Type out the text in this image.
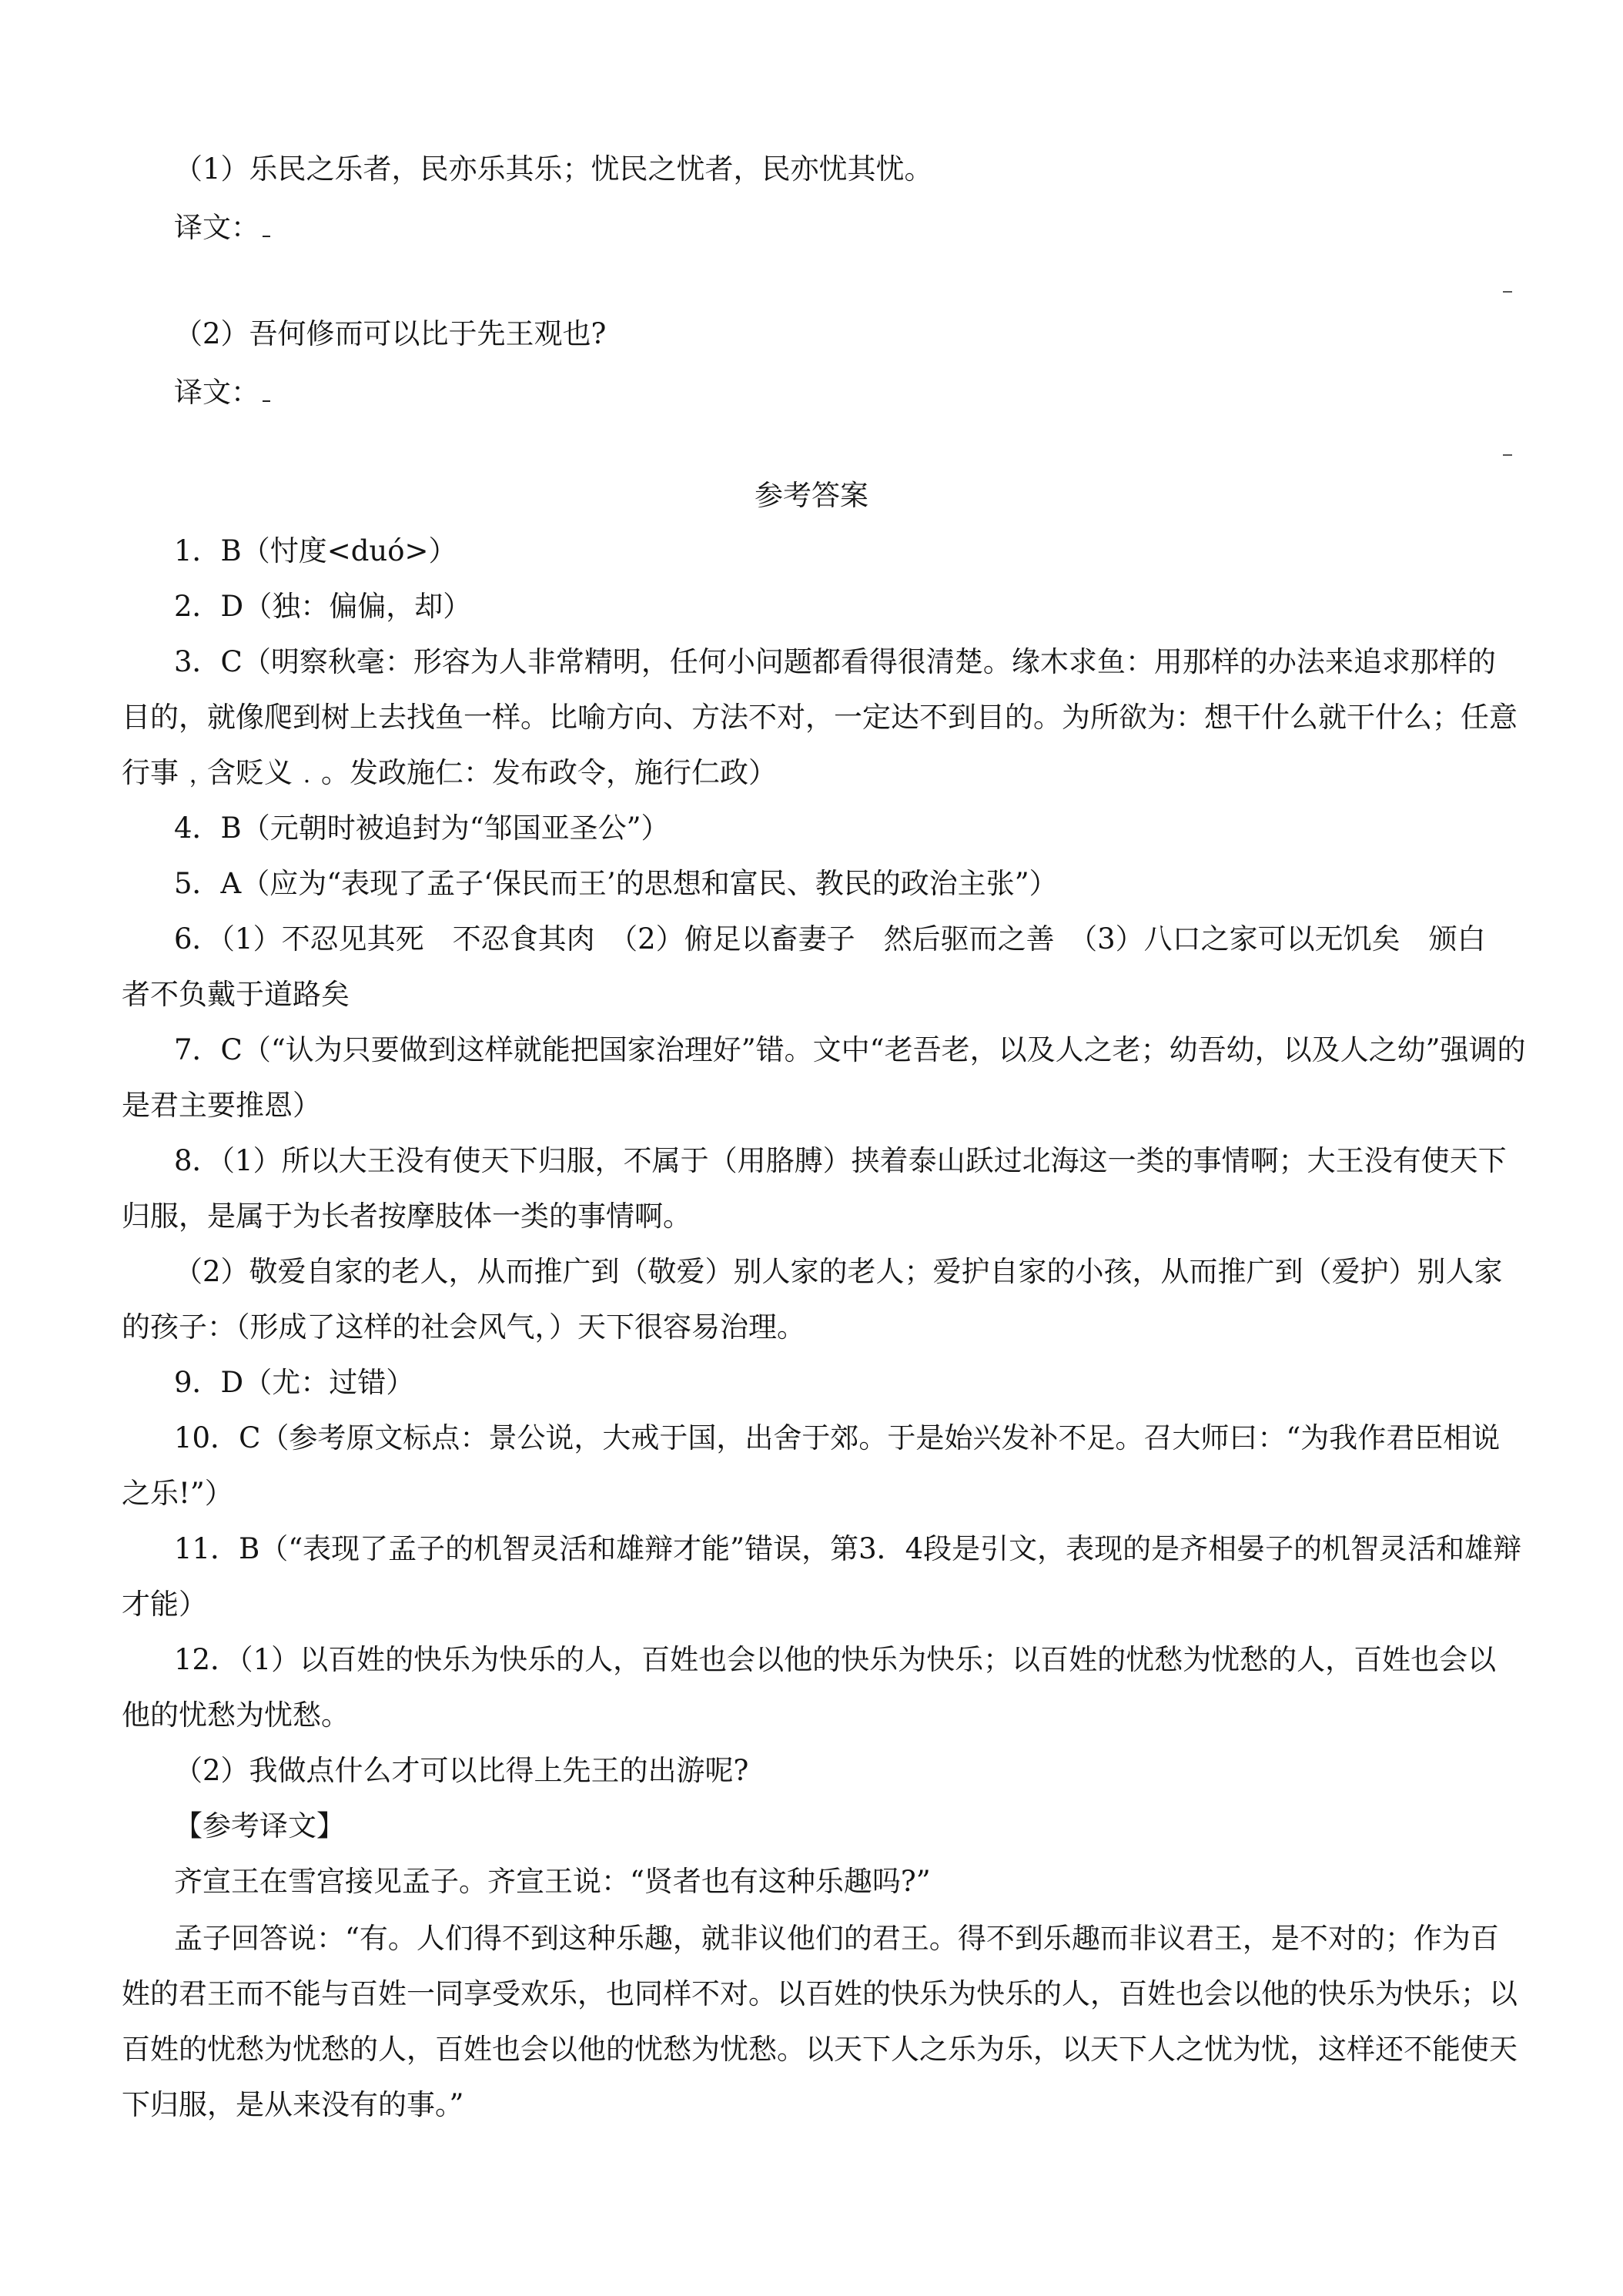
（1）乐民之乐者，民亦乐其乐；忧民之忧者，民亦忧其忧。
译文：
（2）吾何修而可以比于先王观也?
译文：
参考答案
1．B（忖度<duó>）
2．D（独：偏偏，却）
3．C（明察秋毫：形容为人非常精明，任何小问题都看得很清楚。缘木求鱼：用那样的办法来追求那样的
目的，就像爬到树上去找鱼一样。比喻方向、方法不对，一定达不到目的。为所欲为：想干什么就干什么；任意
行事﹐含贬义﹒。发政施仁：发布政令，施行仁政）
4．B（元朝时被追封为“邹国亚圣公”）
5．A（应为“表现了孟子‘保民而王’的思想和富民、教民的政治主张”）
6．（1）不忍见其死　不忍食其肉　（2）俯足以畜妻子　然后驱而之善　（3）八口之家可以无饥矣　颁白
者不负戴于道路矣
7．C（“认为只要做到这样就能把国家治理好”错。文中“老吾老，以及人之老；幼吾幼，以及人之幼”强调的
是君主要推恩）
8．（1）所以大王没有使天下归服，不属于（用胳膊）挟着泰山跃过北海这一类的事情啊；大王没有使天下
归服，是属于为长者按摩肢体一类的事情啊。
（2）敬爱自家的老人，从而推广到（敬爱）别人家的老人；爱护自家的小孩，从而推广到（爱护）别人家
的孩子：（形成了这样的社会风气，）天下很容易治理。
9．D（尤：过错）
10．C（参考原文标点：景公说，大戒于国，出舍于郊。于是始兴发补不足。召大师曰：“为我作君臣相说
之乐!”）
11．B（“表现了孟子的机智灵活和雄辩才能”错误，第3．4段是引文，表现的是齐相晏子的机智灵活和雄辩
才能）
12．（1）以百姓的快乐为快乐的人，百姓也会以他的快乐为快乐；以百姓的忧愁为忧愁的人，百姓也会以
他的忧愁为忧愁。
（2）我做点什么才可以比得上先王的出游呢?
【参考译文】
齐宣王在雪宫接见孟子。齐宣王说：“贤者也有这种乐趣吗?”
孟子回答说：“有。人们得不到这种乐趣，就非议他们的君王。得不到乐趣而非议君王，是不对的；作为百
姓的君王而不能与百姓一同享受欢乐，也同样不对。以百姓的快乐为快乐的人，百姓也会以他的快乐为快乐；以
百姓的忧愁为忧愁的人，百姓也会以他的忧愁为忧愁。以天下人之乐为乐，以天下人之忧为忧，这样还不能使天
下归服，是从来没有的事。”
